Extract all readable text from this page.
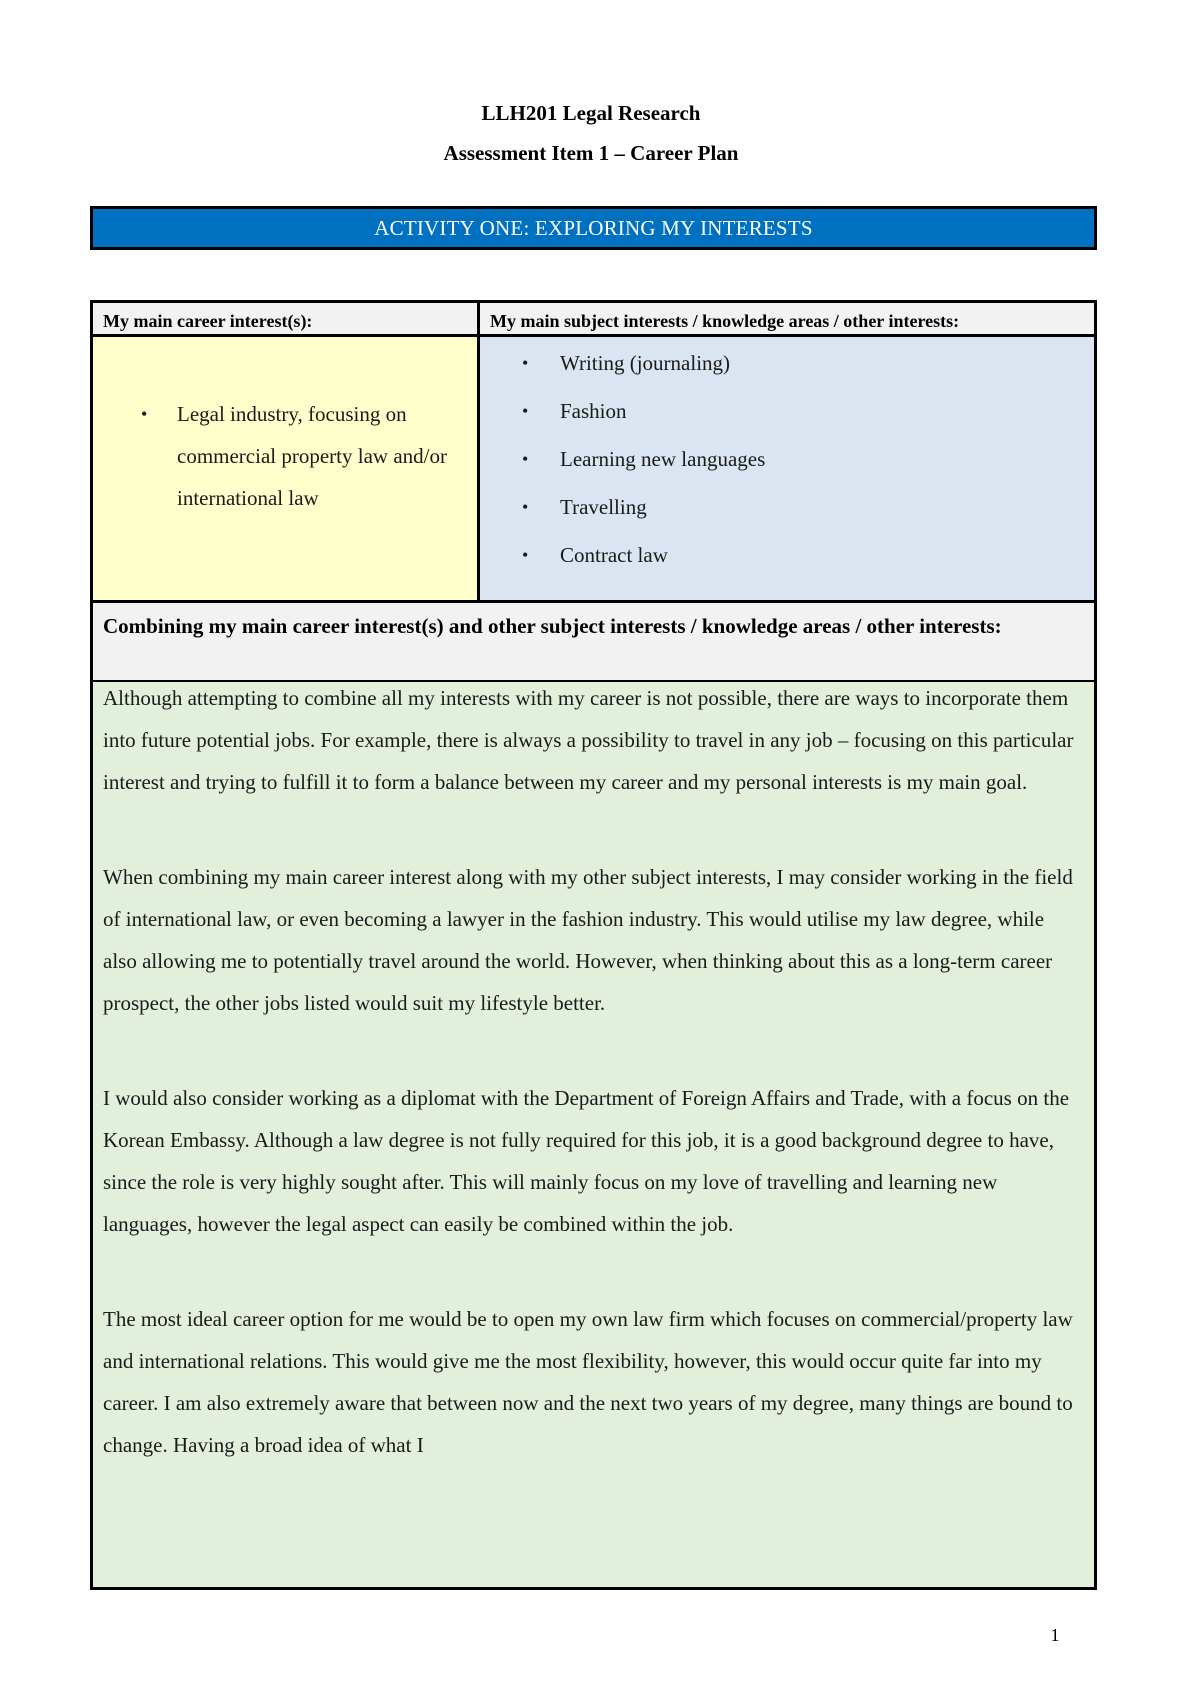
LLH201 Legal Research
Assessment Item 1 – Career Plan
ACTIVITY ONE: EXPLORING MY INTERESTS
My main career interest(s):	My main subject interests / knowledge areas / other interests:
• Legal industry, focusing on commercial property law and/or international law
• Writing (journaling)
• Fashion
• Learning new languages
• Travelling
• Contract law
Combining my main career interest(s) and other subject interests / knowledge areas / other interests:

Although attempting to combine all my interests with my career is not possible, there are ways to incorporate them into future potential jobs. For example, there is always a possibility to travel in any job – focusing on this particular interest and trying to fulfill it to form a balance between my career and my personal interests is my main goal.

When combining my main career interest along with my other subject interests, I may consider working in the field of international law, or even becoming a lawyer in the fashion industry. This would utilise my law degree, while also allowing me to potentially travel around the world. However, when thinking about this as a long-term career prospect, the other jobs listed would suit my lifestyle better.

I would also consider working as a diplomat with the Department of Foreign Affairs and Trade, with a focus on the Korean Embassy. Although a law degree is not fully required for this job, it is a good background degree to have, since the role is very highly sought after. This will mainly focus on my love of travelling and learning new languages, however the legal aspect can easily be combined within the job.

The most ideal career option for me would be to open my own law firm which focuses on commercial/property law and international relations. This would give me the most flexibility, however, this would occur quite far into my career. I am also extremely aware that between now and the next two years of my degree, many things are bound to change. Having a broad idea of what I

1
